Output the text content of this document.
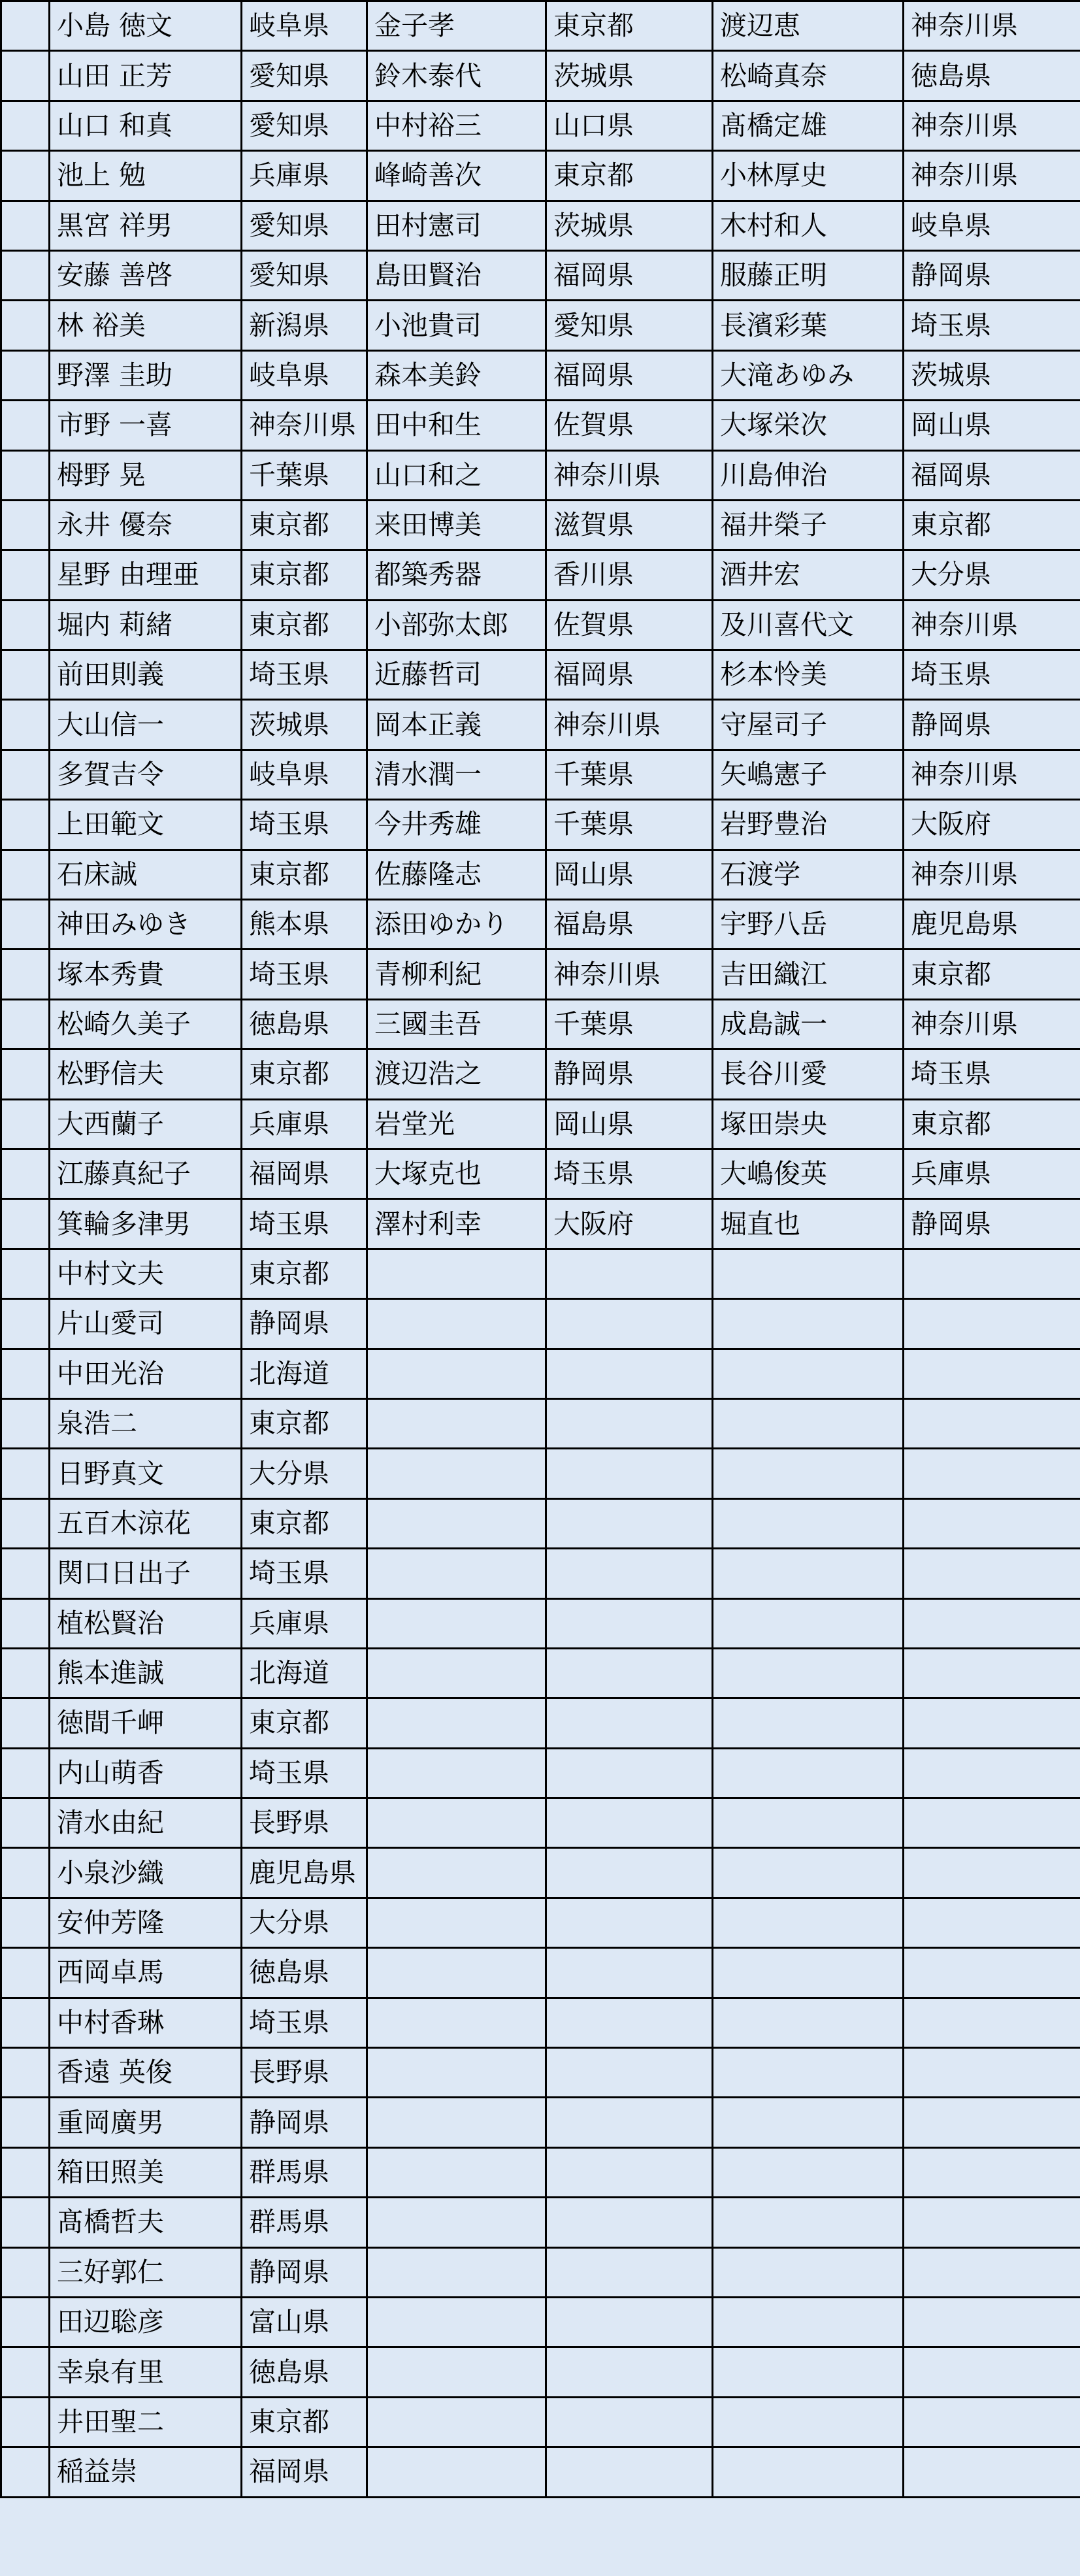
	小島 徳文	岐阜県	金子孝	東京都	渡辺恵	神奈川県
	山田 正芳	愛知県	鈴木泰代	茨城県	松崎真奈	徳島県
	山口 和真	愛知県	中村裕三	山口県	髙橋定雄	神奈川県
	池上 勉	兵庫県	峰崎善次	東京都	小林厚史	神奈川県
	黒宮 祥男	愛知県	田村憲司	茨城県	木村和人	岐阜県
	安藤 善啓	愛知県	島田賢治	福岡県	服藤正明	静岡県
	林 裕美	新潟県	小池貴司	愛知県	長濱彩葉	埼玉県
	野澤 圭助	岐阜県	森本美鈴	福岡県	大滝あゆみ	茨城県
	市野 一喜	神奈川県	田中和生	佐賀県	大塚栄次	岡山県
	栂野 晃	千葉県	山口和之	神奈川県	川島伸治	福岡県
	永井 優奈	東京都	来田博美	滋賀県	福井榮子	東京都
	星野 由理亜	東京都	都築秀器	香川県	酒井宏	大分県
	堀内 莉緒	東京都	小部弥太郎	佐賀県	及川喜代文	神奈川県
	前田則義	埼玉県	近藤哲司	福岡県	杉本怜美	埼玉県
	大山信一	茨城県	岡本正義	神奈川県	守屋司子	静岡県
	多賀吉令	岐阜県	清水潤一	千葉県	矢嶋憲子	神奈川県
	上田範文	埼玉県	今井秀雄	千葉県	岩野豊治	大阪府
	石床誠	東京都	佐藤隆志	岡山県	石渡学	神奈川県
	神田みゆき	熊本県	添田ゆかり	福島県	宇野八岳	鹿児島県
	塚本秀貴	埼玉県	青柳利紀	神奈川県	吉田織江	東京都
	松崎久美子	徳島県	三國圭吾	千葉県	成島誠一	神奈川県
	松野信夫	東京都	渡辺浩之	静岡県	長谷川愛	埼玉県
	大西蘭子	兵庫県	岩堂光	岡山県	塚田崇央	東京都
	江藤真紀子	福岡県	大塚克也	埼玉県	大嶋俊英	兵庫県
	箕輪多津男	埼玉県	澤村利幸	大阪府	堀直也	静岡県
	中村文夫	東京都				
	片山愛司	静岡県				
	中田光治	北海道				
	泉浩二	東京都				
	日野真文	大分県				
	五百木涼花	東京都				
	関口日出子	埼玉県				
	植松賢治	兵庫県				
	熊本進誠	北海道				
	徳間千岬	東京都				
	内山萌香	埼玉県				
	清水由紀	長野県				
	小泉沙織	鹿児島県				
	安仲芳隆	大分県				
	西岡卓馬	徳島県				
	中村香琳	埼玉県				
	香遠 英俊	長野県				
	重岡廣男	静岡県				
	箱田照美	群馬県				
	髙橋哲夫	群馬県				
	三好郭仁	静岡県				
	田辺聡彦	富山県				
	幸泉有里	徳島県				
	井田聖二	東京都				
	稲益崇	福岡県				
